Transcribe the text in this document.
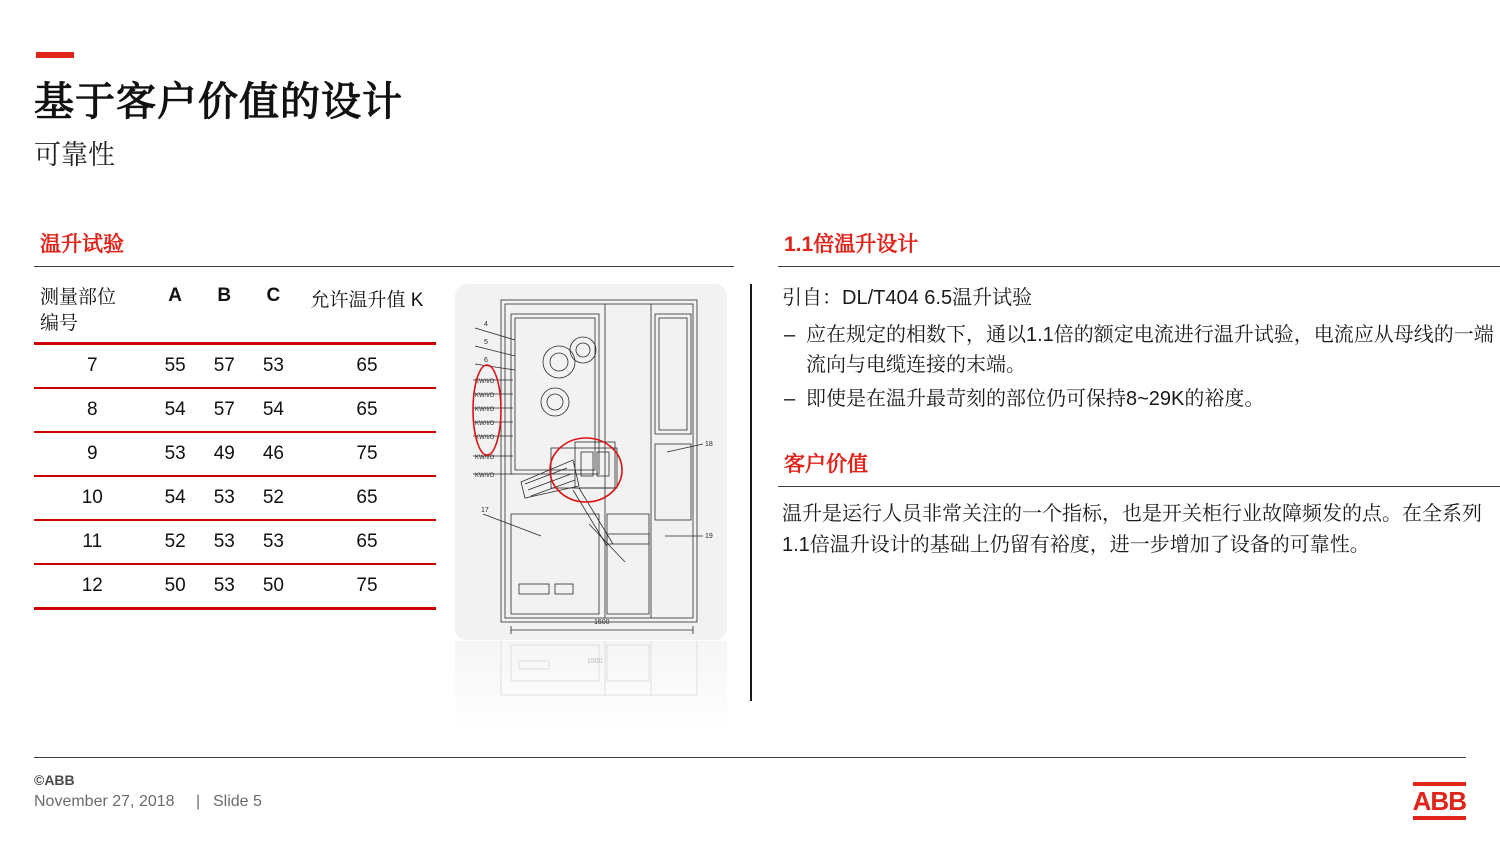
基于客户价值的设计
可靠性
温升试验
测量部位
编号	A	B	C	允许温升值 K
7	55	57	53	65
8	54	57	54	65
9	53	49	46	75
10	54	53	52	65
11	52	53	53	65
12	50	53	50	75
4
5
6
17
18
19
1500
KW/I/O
KW/I/O
KW/I/O
KW/I/O
KW/I/O
KW/I/O
KW/I/O
1500
1.1倍温升设计
引自：DL/T404 6.5温升试验
– 应在规定的相数下，通以1.1倍的额定电流进行温升试验，电流应从母线的一端流向与电缆连接的末端。
– 即使是在温升最苛刻的部位仍可保持8~29K的裕度。
客户价值
温升是运行人员非常关注的一个指标，也是开关柜行业故障频发的点。在全系列1.1倍温升设计的基础上仍留有裕度，进一步增加了设备的可靠性。
©ABB
November 27, 2018 | Slide 5	ABB
